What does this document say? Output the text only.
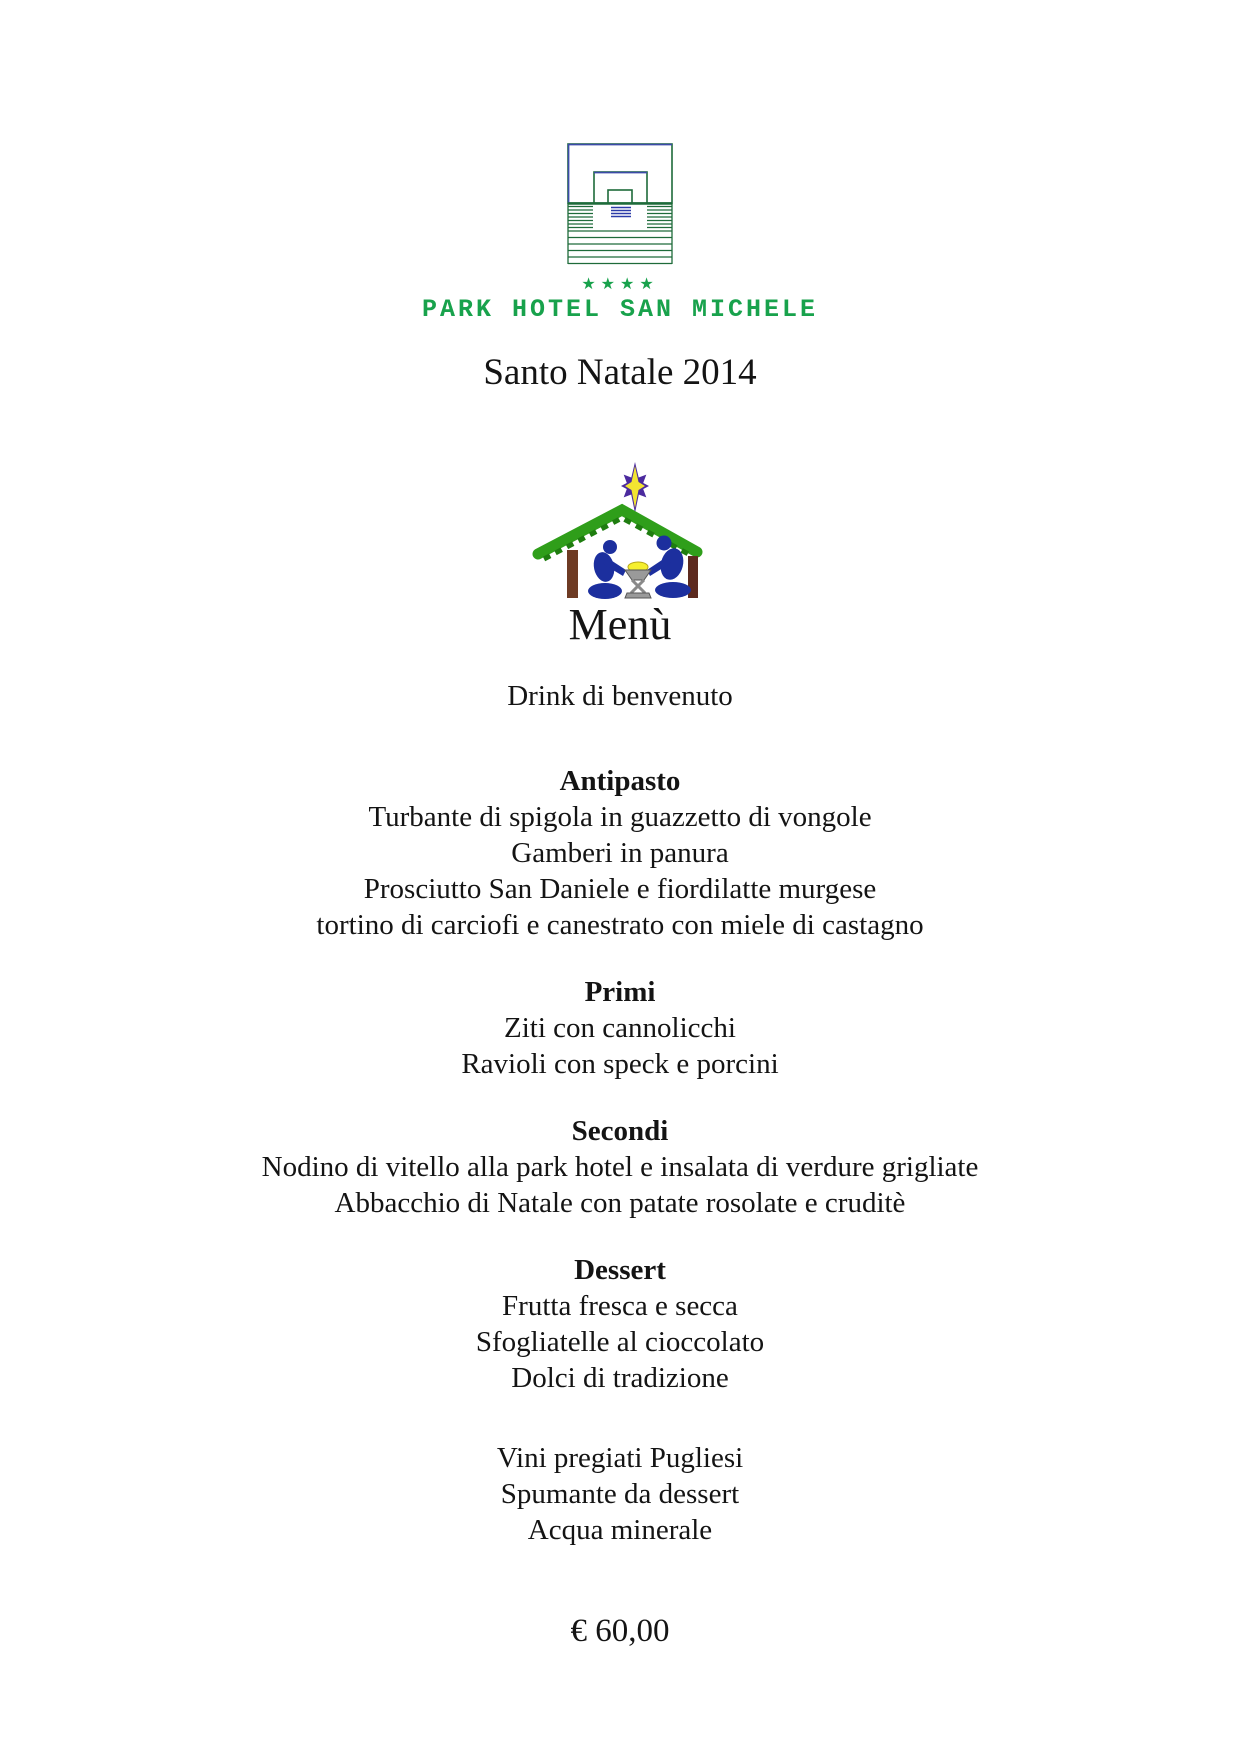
★★★★
PARK HOTEL SAN MICHELE
Santo Natale 2014
Menù
Drink di benvenuto
Antipasto
Turbante di spigola in guazzetto di vongole
Gamberi in panura
Prosciutto San Daniele e fiordilatte murgese
tortino di carciofi e canestrato con miele di castagno
Primi
Ziti con cannolicchi
Ravioli con speck e porcini
Secondi
Nodino di vitello alla park hotel e insalata di verdure grigliate
Abbacchio di Natale con patate rosolate e cruditè
Dessert
Frutta fresca e secca
Sfogliatelle al cioccolato
Dolci di tradizione
Vini pregiati Pugliesi
Spumante da dessert
Acqua minerale
€ 60,00
